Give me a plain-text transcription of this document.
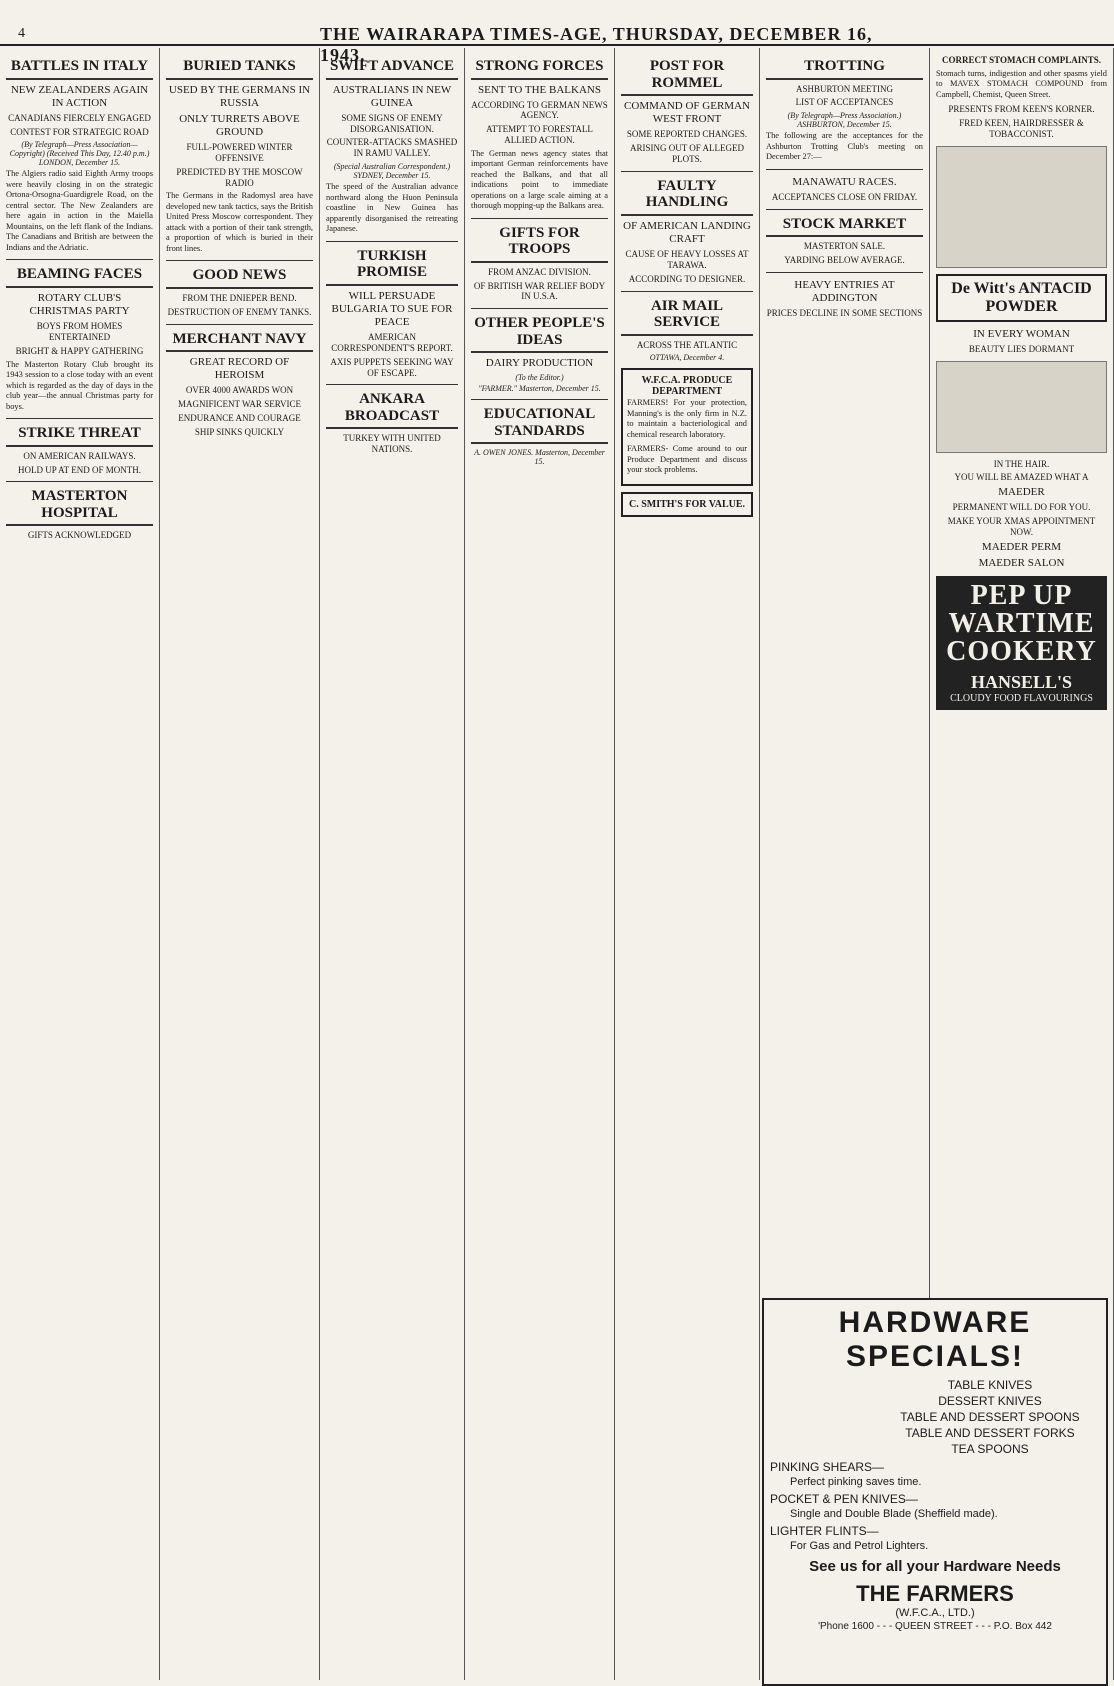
4	THE WAIRARAPA TIMES-AGE, THURSDAY, DECEMBER 16, 1943.
BATTLES IN ITALY
NEW ZEALANDERS AGAIN IN ACTION
CANADIANS FIERCELY ENGAGED
CONTEST FOR STRATEGIC ROAD
(By Telegraph—Press Association—Copyright) (Received This Day, 12.40 p.m.) LONDON, December 15.

The Algiers radio said Eighth Army troops were heavily closing in on the strategic Ortona-Orsogna-Guardigrele Road, on the central sector. The New Zealanders are here again in action in the Maiella Mountains, on the left flank of the Indians. The Canadians and British are between the Indians and the Adriatic.

BEAMING FACES
ROTARY CLUB'S CHRISTMAS PARTY
BOYS FROM HOMES ENTERTAINED
BRIGHT & HAPPY GATHERING

The Masterton Rotary Club brought its 1943 session to a close today with an event which is regarded as the day of days in the club year—the annual Christmas party for boys.

STRIKE THREAT
ON AMERICAN RAILWAYS.
HOLD UP AT END OF MONTH.
MASTERTON HOSPITAL
GIFTS ACKNOWLEDGED
BURIED TANKS
USED BY THE GERMANS IN RUSSIA
ONLY TURRETS ABOVE GROUND
FULL-POWERED WINTER OFFENSIVE
PREDICTED BY THE MOSCOW RADIO

The Germans in the Radomysl area have developed new tank tactics, says the British United Press Moscow correspondent. They attack with a portion of their tank strength, a proportion of which is buried in their front lines.

GOOD NEWS
FROM THE DNIEPER BEND.
DESTRUCTION OF ENEMY TANKS.
MERCHANT NAVY
GREAT RECORD OF HEROISM
OVER 4000 AWARDS WON
MAGNIFICENT WAR SERVICE
ENDURANCE AND COURAGE
SHIP SINKS QUICKLY
SWIFT ADVANCE
AUSTRALIANS IN NEW GUINEA
SOME SIGNS OF ENEMY DISORGANISATION.
COUNTER-ATTACKS SMASHED IN RAMU VALLEY.
(Special Australian Correspondent.) SYDNEY, December 15.

The speed of the Australian advance northward along the Huon Peninsula coastline in New Guinea has apparently disorganised the retreating Japanese.

TURKISH PROMISE
WILL PERSUADE BULGARIA TO SUE FOR PEACE
AMERICAN CORRESPONDENT'S REPORT.
AXIS PUPPETS SEEKING WAY OF ESCAPE.
ANKARA BROADCAST
TURKEY WITH UNITED NATIONS.
STRONG FORCES
SENT TO THE BALKANS
ACCORDING TO GERMAN NEWS AGENCY.
ATTEMPT TO FORESTALL ALLIED ACTION.

The German news agency states that important German reinforcements have reached the Balkans, and that all indications point to immediate operations on a large scale aiming at a thorough mopping-up the Balkans area.

GIFTS FOR TROOPS
FROM ANZAC DIVISION.
OF BRITISH WAR RELIEF BODY IN U.S.A.
OTHER PEOPLE'S IDEAS
DAIRY PRODUCTION
(To the Editor.)
"FARMER." Masterton, December 15.
EDUCATIONAL STANDARDS
A. OWEN JONES. Masterton, December 15.
POST FOR ROMMEL
COMMAND OF GERMAN WEST FRONT
SOME REPORTED CHANGES.
ARISING OUT OF ALLEGED PLOTS.
FAULTY HANDLING
OF AMERICAN LANDING CRAFT
CAUSE OF HEAVY LOSSES AT TARAWA.
ACCORDING TO DESIGNER.
AIR MAIL SERVICE
ACROSS THE ATLANTIC
OTTAWA, December 4.
W.F.C.A. PRODUCE DEPARTMENT

FARMERS! For your protection, Manning's is the only firm in N.Z. to maintain a bacteriological and chemical research laboratory.

FARMERS- Come around to our Produce Department and discuss your stock problems.

C. SMITH'S FOR VALUE.
TROTTING
ASHBURTON MEETING
LIST OF ACCEPTANCES
(By Telegraph—Press Association.) ASHBURTON, December 15.

The following are the acceptances for the Ashburton Trotting Club's meeting on December 27:—

MANAWATU RACES.
ACCEPTANCES CLOSE ON FRIDAY.
STOCK MARKET
MASTERTON SALE.
YARDING BELOW AVERAGE.
HEAVY ENTRIES AT ADDINGTON
PRICES DECLINE IN SOME SECTIONS
CORRECT STOMACH COMPLAINTS.

Stomach turns, indigestion and other spasms yield to MAVEX STOMACH COMPOUND from Campbell, Chemist, Queen Street.

PRESENTS FROM KEEN'S KORNER.
FRED KEEN, HAIRDRESSER & TOBACCONIST.
De Witt's ANTACID POWDER
IN EVERY WOMAN
BEAUTY LIES DORMANT
IN THE HAIR.
YOU WILL BE AMAZED WHAT A
MAEDER
PERMANENT WILL DO FOR YOU.
MAKE YOUR XMAS APPOINTMENT NOW.
MAEDER PERM
MAEDER SALON
PEP UP
WARTIME
COOKERY
HANSELL'S
CLOUDY FOOD FLAVOURINGS
HARDWARE SPECIALS!
TABLE KNIVES
DESSERT KNIVES
TABLE AND DESSERT SPOONS
TABLE AND DESSERT FORKS
TEA SPOONS
PINKING SHEARS—
Perfect pinking saves time.
POCKET & PEN KNIVES—
Single and Double Blade (Sheffield made).
LIGHTER FLINTS—
For Gas and Petrol Lighters.
See us for all your Hardware Needs
THE FARMERS
(W.F.C.A., LTD.)
'Phone 1600 - - - QUEEN STREET - - - P.O. Box 442
